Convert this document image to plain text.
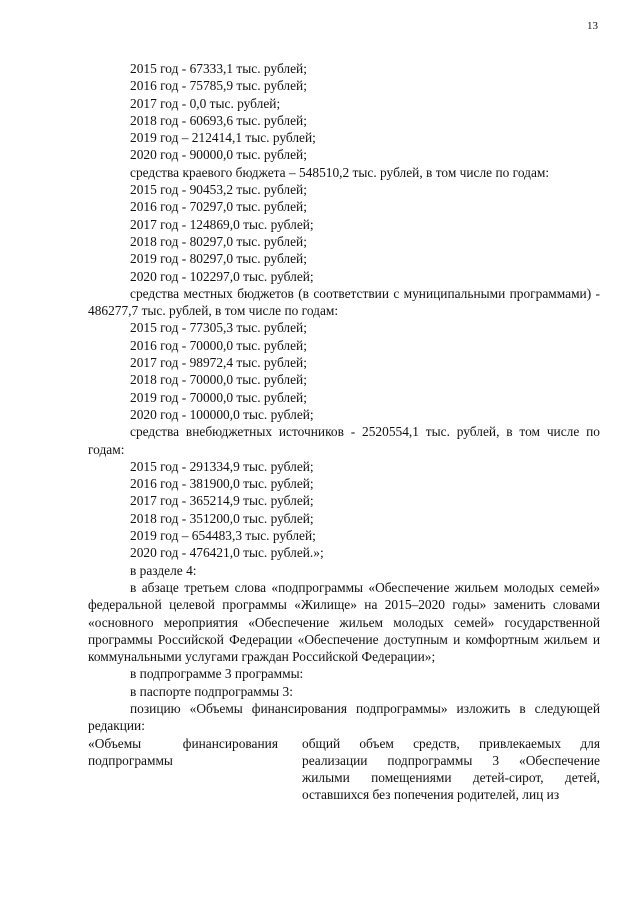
13

2015 год - 67333,1 тыс. рублей;

2016 год - 75785,9 тыс. рублей;

2017 год - 0,0 тыс. рублей;

2018 год - 60693,6 тыс. рублей;

2019 год – 212414,1 тыс. рублей;

2020 год - 90000,0 тыс. рублей;

средства краевого бюджета – 548510,2 тыс. рублей, в том числе по годам:

2015 год - 90453,2 тыс. рублей;

2016 год - 70297,0 тыс. рублей;

2017 год - 124869,0 тыс. рублей;

2018 год - 80297,0 тыс. рублей;

2019 год - 80297,0 тыс. рублей;

2020 год - 102297,0 тыс. рублей;

средства местных бюджетов (в соответствии с муниципальными программами) - 486277,7 тыс. рублей, в том числе по годам:

2015 год - 77305,3 тыс. рублей;

2016 год - 70000,0 тыс. рублей;

2017 год - 98972,4 тыс. рублей;

2018 год - 70000,0 тыс. рублей;

2019 год - 70000,0 тыс. рублей;

2020 год - 100000,0 тыс. рублей;

средства внебюджетных источников - 2520554,1 тыс. рублей, в том числе по годам:

2015 год - 291334,9 тыс. рублей;

2016 год - 381900,0 тыс. рублей;

2017 год - 365214,9 тыс. рублей;

2018 год - 351200,0 тыс. рублей;

2019 год – 654483,3 тыс. рублей;

2020 год - 476421,0 тыс. рублей.»;

в разделе 4:

в абзаце третьем слова «подпрограммы «Обеспечение жильем молодых семей» федеральной целевой программы «Жилище» на 2015–2020 годы» заменить словами «основного мероприятия «Обеспечение жильем молодых семей» государственной программы Российской Федерации «Обеспечение доступным и комфортным жильем и коммунальными услугами граждан Российской Федерации»;

в подпрограмме 3 программы:

в паспорте подпрограммы 3:

позицию «Объемы финансирования подпрограммы» изложить в следующей редакции:

«Объемы финансирования
подпрограммы
общий объем средств, привлекаемых для реализации подпрограммы 3 «Обеспечение жилыми помещениями детей-сирот, детей, оставшихся без попечения родителей, лиц из
